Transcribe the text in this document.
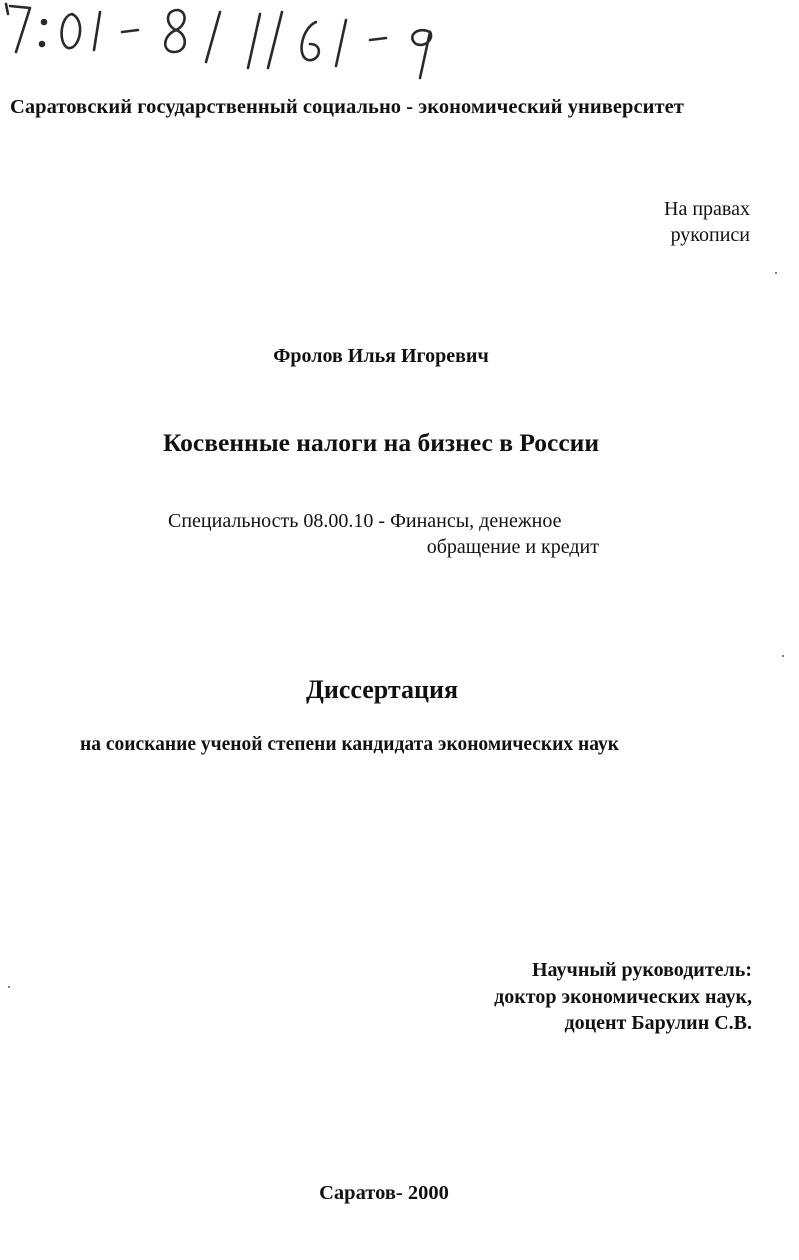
Саратовский государственный социально - экономический университет
На правах
рукописи
Фролов Илья Игоревич
Косвенные налоги на бизнес в России
Специальность 08.00.10 - Финансы, денежное
обращение и кредит
Диссертация
на соискание ученой степени кандидата экономических наук
Научный руководитель:
доктор экономических наук,
доцент Барулин С.В.
Саратов- 2000
